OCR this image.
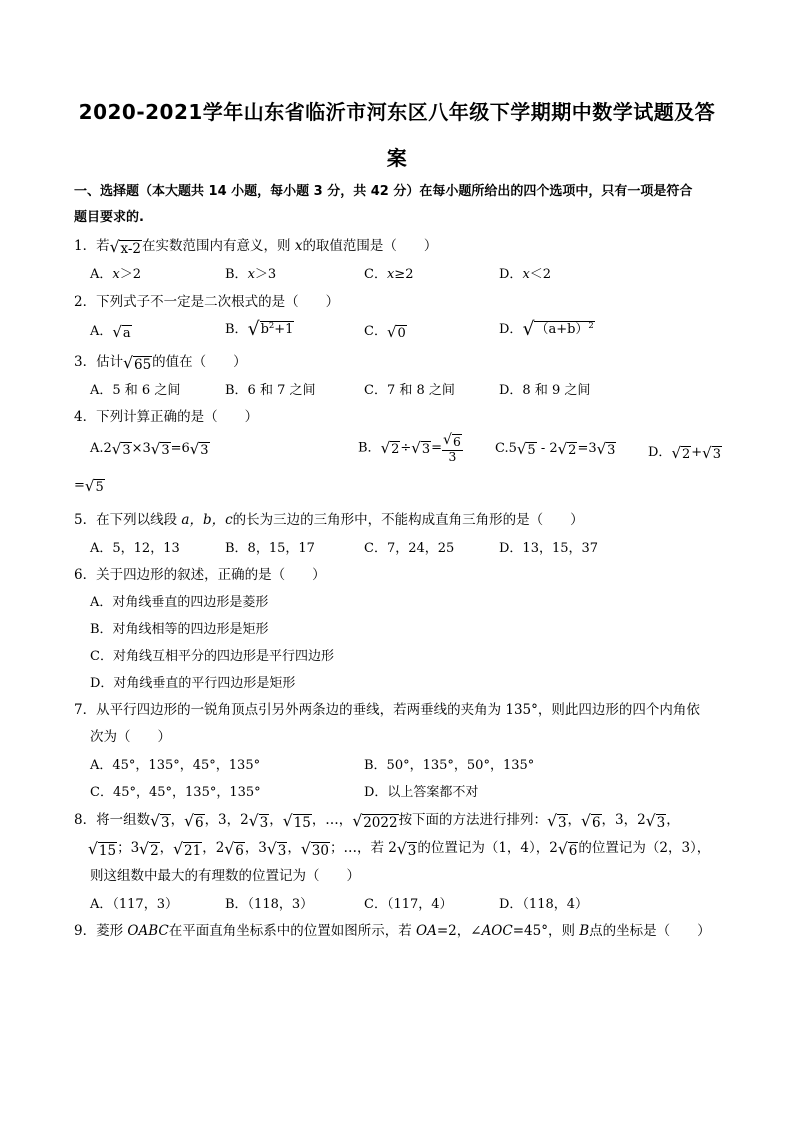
2020-2021学年山东省临沂市河东区八年级下学期期中数学试题及答
案
一、选择题（本大题共 14 小题，每小题 3 分，共 42 分）在每小题所给出的四个选项中，只有一项是符合
题目要求的.
1．若 √ x-2 在实数范围内有意义，则 x的取值范围是（　　）
A．x＞2	B．x＞3	C．x≥2	D．x＜2
2．下列式子不一定是二次根式的是（　　）
A． √ a	B． √ $b^2+1$	C． √ 0	D． √ $(a+b)^2$
3．估计 √ 65 的值在（　　）
A．5 和 6 之间	B．6 和 7 之间	C．7 和 8 之间	D．8 和 9 之间
4．下列计算正确的是（　　）
A.2 √ 3 ×3 √ 3 =6 √ 3	B． √ 2 ÷ √ $3 = \frac{√ 6}{3} C.5$ √ 5 - 2 √ 2 =3 √ 3	D． √ 2 + √ 3
= √ 5
5．在下列以线段 a，b，c的长为三边的三角形中，不能构成直角三角形的是（　　）
A．5，12，13	B．8，15，17	C．7，24，25	D．13，15，37
6．关于四边形的叙述，正确的是（　　）
A．对角线垂直的四边形是菱形
B．对角线相等的四边形是矩形
C．对角线互相平分的四边形是平行四边形
D．对角线垂直的平行四边形是矩形
7．从平行四边形的一锐角顶点引另外两条边的垂线，若两垂线的夹角为 135°，则此四边形的四个内角依
次为（　　）
A．45°，135°，45°，135°	B．50°，135°，50°，135°
C．45°，45°，135°，135°	D．以上答案都不对
8．将一组数 √ 3 ， √ 6 ，3，2 √ 3 ， √ 15 ，…， √ 2022 按下面的方法进行排列： √ 3 ， √ 6 ，3，2 √ 3 ，
√ 15 ；3 √ 2 ， √ 21 ，2 √ 6 ，3 √ 3 ， √ 30 ；…，若 2 √ 3 的位置记为（1，4），2 √ 6 的位置记为（2，3），
则这组数中最大的有理数的位置记为（　　）
A．（117，3）	B．（118，3）	C．（117，4）	D．（118，4）
9．菱形 OABC在平面直角坐标系中的位置如图所示，若 OA=2，∠AOC=45°，则 B点的坐标是（　　）
